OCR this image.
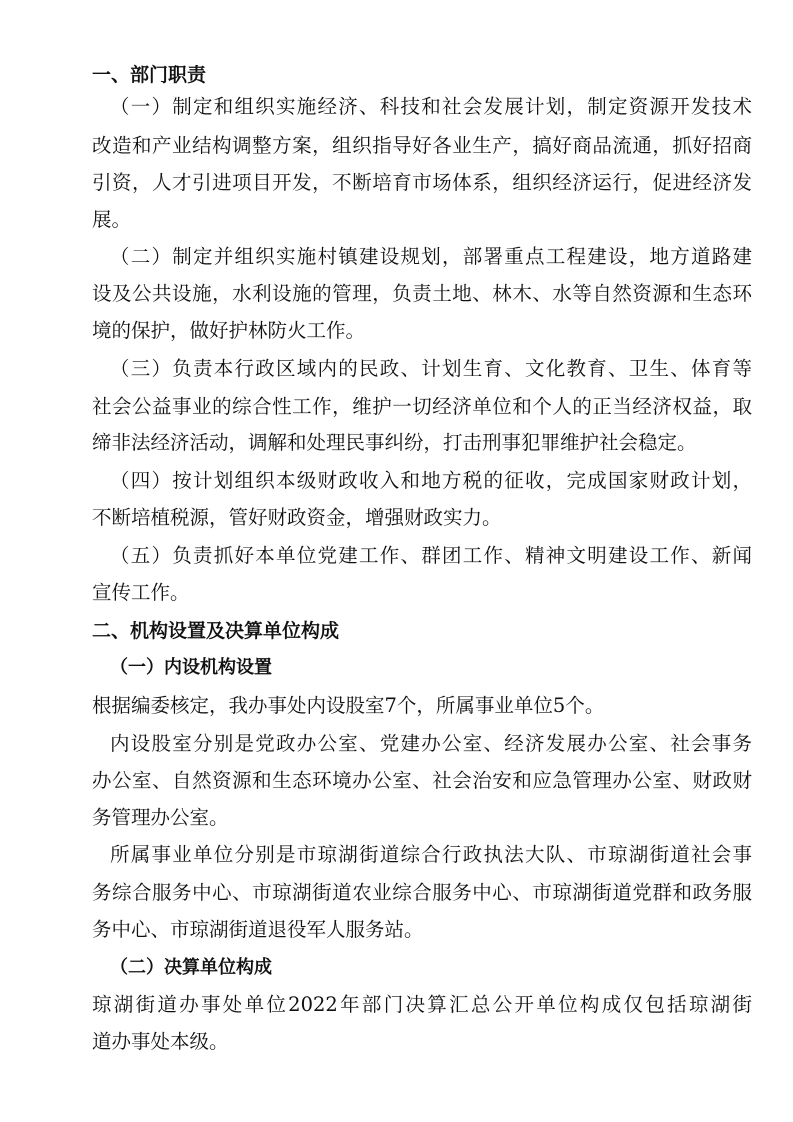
一、部门职责
（一）制定和组织实施经济、科技和社会发展计划，制定资源开发技术
改造和产业结构调整方案，组织指导好各业生产，搞好商品流通，抓好招商
引资，人才引进项目开发，不断培育市场体系，组织经济运行，促进经济发
展。
（二）制定并组织实施村镇建设规划，部署重点工程建设，地方道路建
设及公共设施，水利设施的管理，负责土地、林木、水等自然资源和生态环
境的保护，做好护林防火工作。
（三）负责本行政区域内的民政、计划生育、文化教育、卫生、体育等
社会公益事业的综合性工作，维护一切经济单位和个人的正当经济权益，取
缔非法经济活动，调解和处理民事纠纷，打击刑事犯罪维护社会稳定。
（四）按计划组织本级财政收入和地方税的征收，完成国家财政计划，
不断培植税源，管好财政资金，增强财政实力。
（五）负责抓好本单位党建工作、群团工作、精神文明建设工作、新闻
宣传工作。
二、机构设置及决算单位构成
（一）内设机构设置
根据编委核定，我办事处内设股室7个，所属事业单位5个。
内设股室分别是党政办公室、党建办公室、经济发展办公室、社会事务
办公室、自然资源和生态环境办公室、社会治安和应急管理办公室、财政财
务管理办公室。
所属事业单位分别是市琼湖街道综合行政执法大队、市琼湖街道社会事
务综合服务中心、市琼湖街道农业综合服务中心、市琼湖街道党群和政务服
务中心、市琼湖街道退役军人服务站。
（二）决算单位构成
琼湖街道办事处单位2022年部门决算汇总公开单位构成仅包括琼湖街
道办事处本级。
